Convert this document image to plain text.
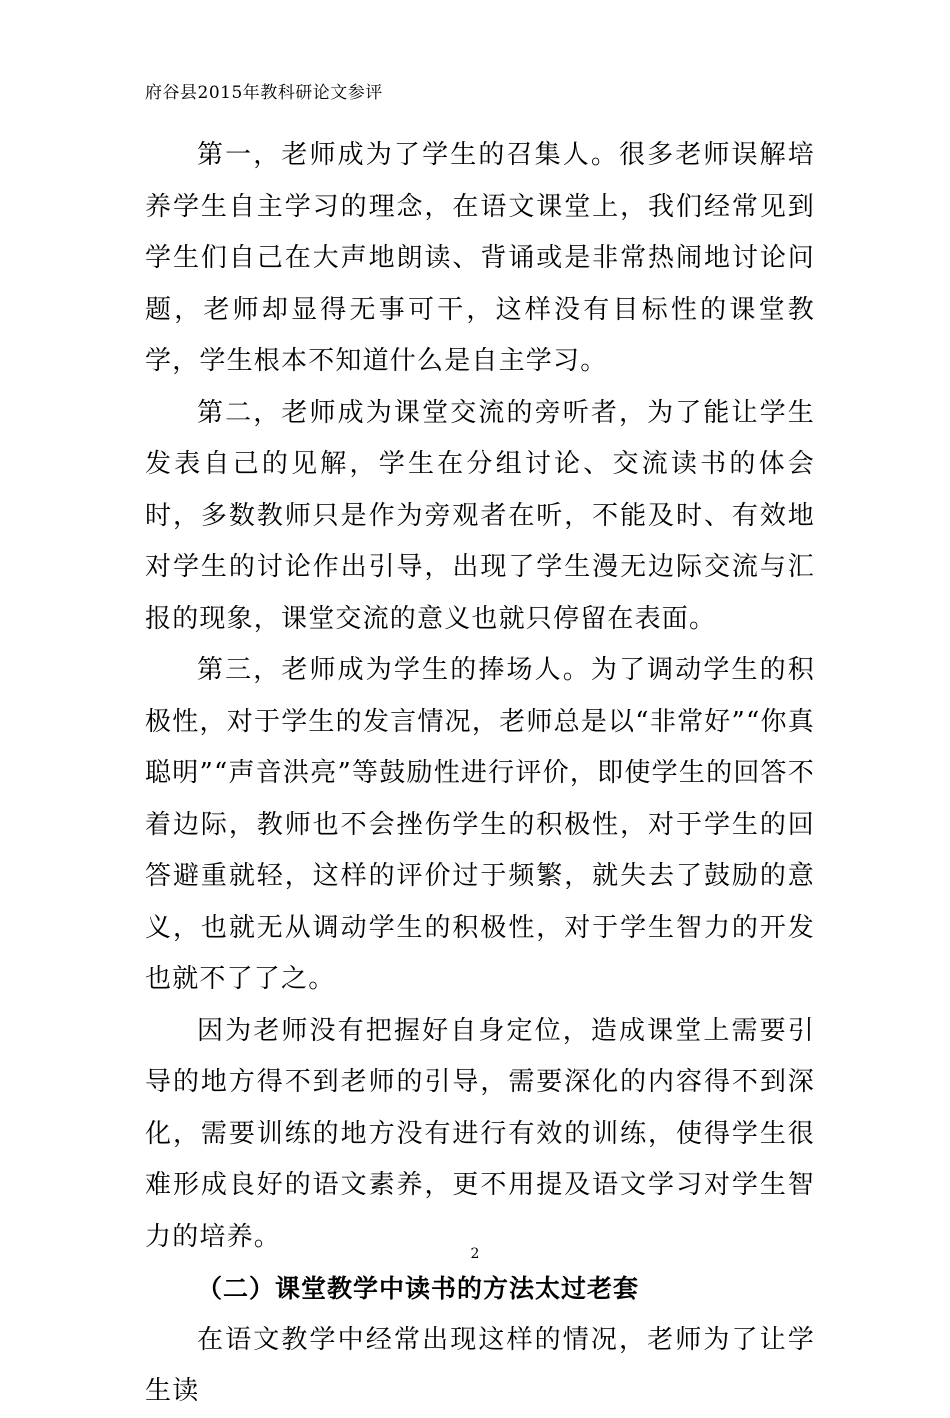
府谷县2015年教科研论文参评

第一，老师成为了学生的召集人。很多老师误解培养学生自主学习的理念，在语文课堂上，我们经常见到学生们自己在大声地朗读、背诵或是非常热闹地讨论问题，老师却显得无事可干，这样没有目标性的课堂教学，学生根本不知道什么是自主学习。

第二，老师成为课堂交流的旁听者，为了能让学生发表自己的见解，学生在分组讨论、交流读书的体会时，多数教师只是作为旁观者在听，不能及时、有效地对学生的讨论作出引导，出现了学生漫无边际交流与汇报的现象，课堂交流的意义也就只停留在表面。

第三，老师成为学生的捧场人。为了调动学生的积极性，对于学生的发言情况，老师总是以“非常好”“你真聪明”“声音洪亮”等鼓励性进行评价，即使学生的回答不着边际，教师也不会挫伤学生的积极性，对于学生的回答避重就轻，这样的评价过于频繁，就失去了鼓励的意义，也就无从调动学生的积极性，对于学生智力的开发也就不了了之。

因为老师没有把握好自身定位，造成课堂上需要引导的地方得不到老师的引导，需要深化的内容得不到深化，需要训练的地方没有进行有效的训练，使得学生很难形成良好的语文素养，更不用提及语文学习对学生智力的培养。

（二）课堂教学中读书的方法太过老套

在语文教学中经常出现这样的情况，老师为了让学生读

2
